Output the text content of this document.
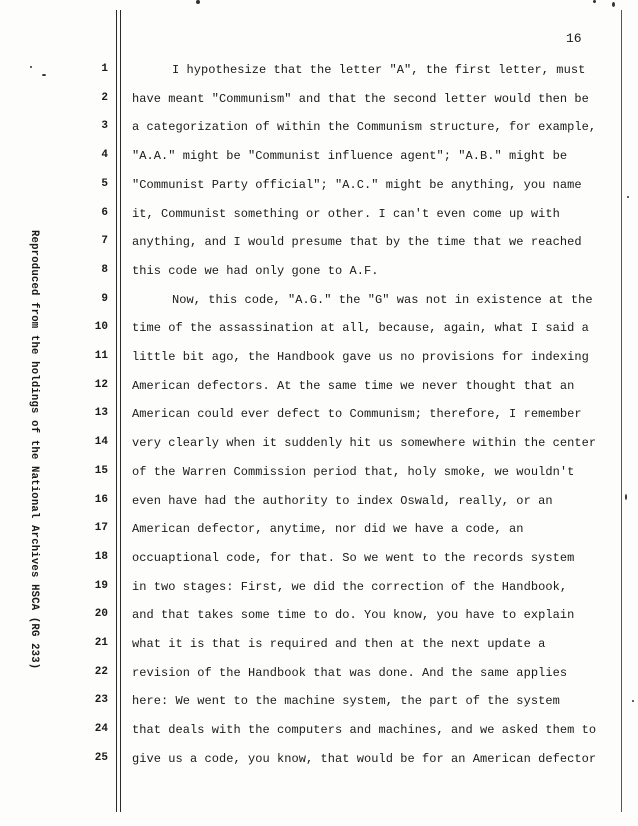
Reproduced from the holdings of the National Archives HSCA (RG 233)
16
1
2
3
4
5
6
7
8
9
10
11
12
13
14
15
16
17
18
19
20
21
22
23
24
25
I hypothesize that the letter "A", the first letter, must
have meant "Communism" and that the second letter would then be
a categorization of within the Communism structure, for example,
"A.A." might be "Communist influence agent"; "A.B." might be
"Communist Party official"; "A.C." might be anything, you name
it, Communist something or other. I can't even come up with
anything, and I would presume that by the time that we reached
this code we had only gone to A.F.
Now, this code, "A.G." the "G" was not in existence at the
time of the assassination at all, because, again, what I said a
little bit ago, the Handbook gave us no provisions for indexing
American defectors. At the same time we never thought that an
American could ever defect to Communism; therefore, I remember
very clearly when it suddenly hit us somewhere within the center
of the Warren Commission period that, holy smoke, we wouldn't
even have had the authority to index Oswald, really, or an
American defector, anytime, nor did we have a code, an
occuaptional code, for that. So we went to the records system
in two stages: First, we did the correction of the Handbook,
and that takes some time to do. You know, you have to explain
what it is that is required and then at the next update a
revision of the Handbook that was done. And the same applies
here: We went to the machine system, the part of the system
that deals with the computers and machines, and we asked them to
give us a code, you know, that would be for an American defector
